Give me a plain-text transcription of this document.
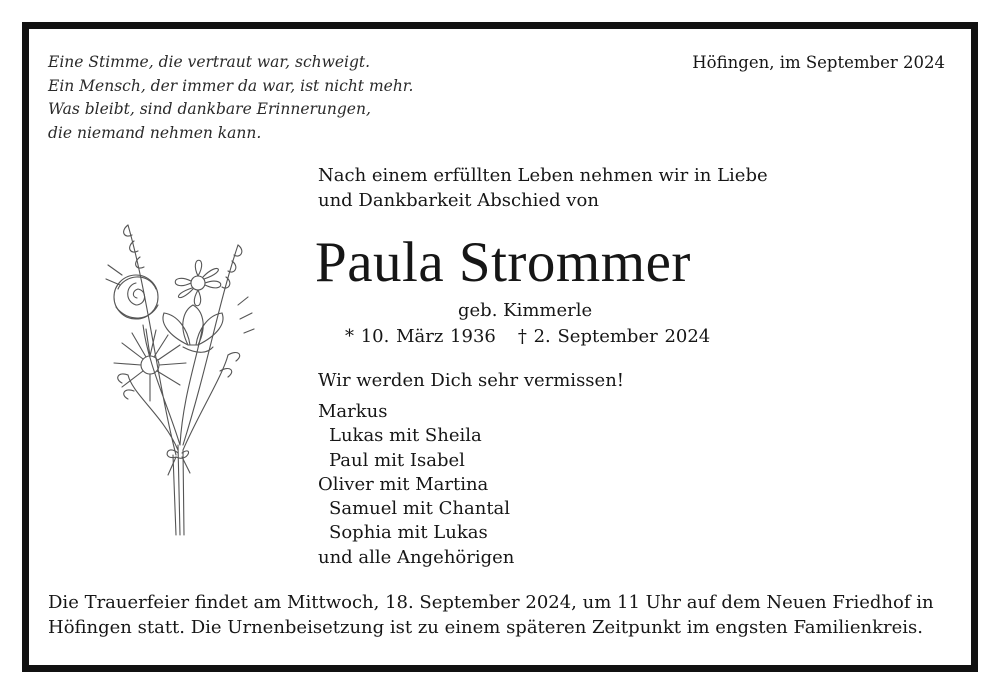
Eine Stimme, die vertraut war, schweigt.
Ein Mensch, der immer da war, ist nicht mehr.
Was bleibt, sind dankbare Erinnerungen,
die niemand nehmen kann.
Höfingen, im September 2024
Nach einem erfüllten Leben nehmen wir in Liebe
und Dankbarkeit Abschied von
Paula Strommer
geb. Kimmerle
* 10. März 1936 † 2. September 2024
Wir werden Dich sehr vermissen!
Markus
Lukas mit Sheila
Paul mit Isabel
Oliver mit Martina
Samuel mit Chantal
Sophia mit Lukas
und alle Angehörigen
Die Trauerfeier findet am Mittwoch, 18. September 2024, um 11 Uhr auf dem Neuen Friedhof in
Höfingen statt. Die Urnenbeisetzung ist zu einem späteren Zeitpunkt im engsten Familienkreis.
